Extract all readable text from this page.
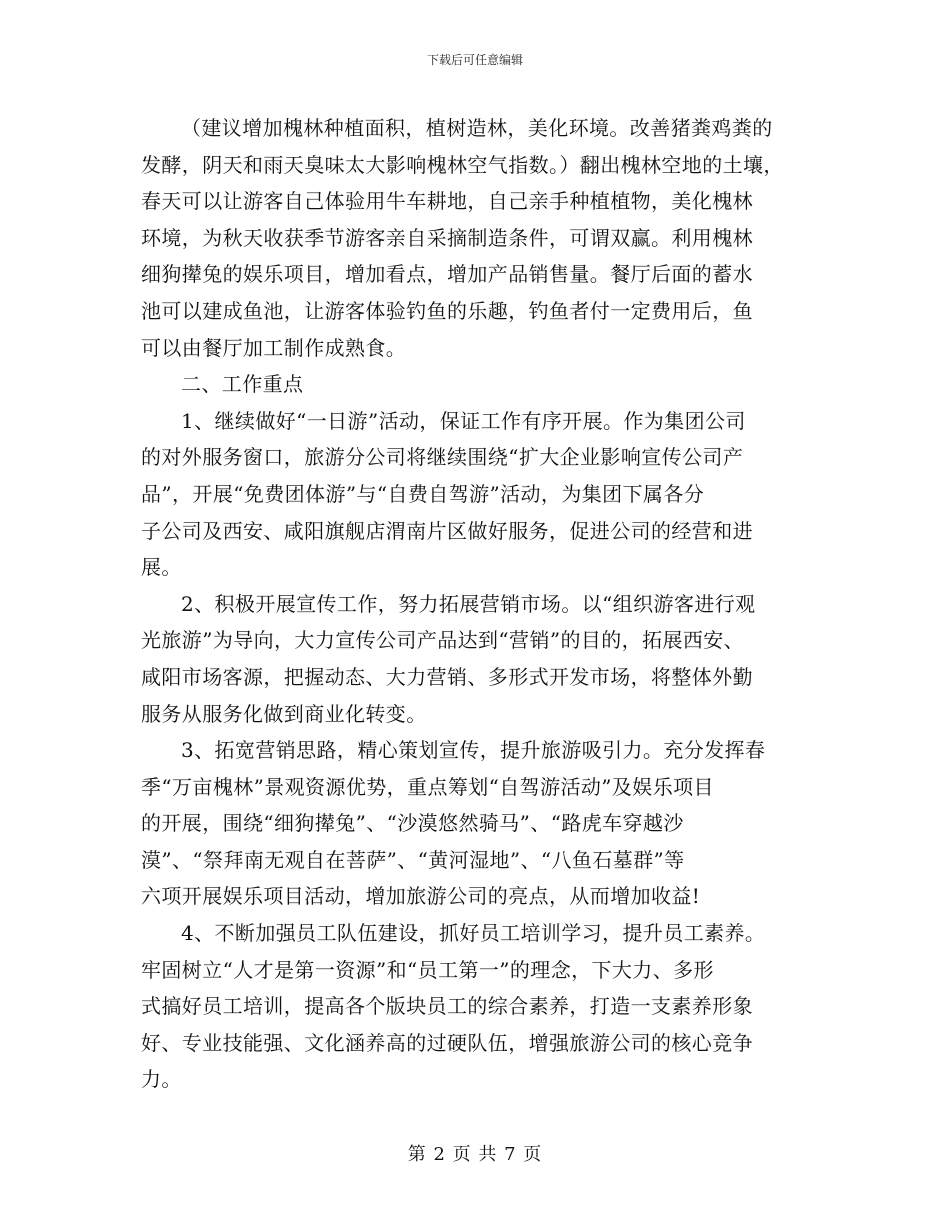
下载后可任意编辑
（建议增加槐林种植面积，植树造林，美化环境。改善猪粪鸡粪的
发酵，阴天和雨天臭味太大影响槐林空气指数。）翻出槐林空地的土壤，
春天可以让游客自己体验用牛车耕地，自己亲手种植植物，美化槐林
环境，为秋天收获季节游客亲自采摘制造条件，可谓双赢。利用槐林
细狗撵兔的娱乐项目，增加看点，增加产品销售量。餐厅后面的蓄水
池可以建成鱼池，让游客体验钓鱼的乐趣，钓鱼者付一定费用后，鱼
可以由餐厅加工制作成熟食。
二、工作重点
1、继续做好“一日游”活动，保证工作有序开展。作为集团公司
的对外服务窗口，旅游分公司将继续围绕“扩大企业影响宣传公司产
品”，开展“免费团体游”与“自费自驾游”活动，为集团下属各分
子公司及西安、咸阳旗舰店渭南片区做好服务，促进公司的经营和进
展。
2、积极开展宣传工作，努力拓展营销市场。以“组织游客进行观
光旅游”为导向，大力宣传公司产品达到“营销”的目的，拓展西安、
咸阳市场客源，把握动态、大力营销、多形式开发市场，将整体外勤
服务从服务化做到商业化转变。
3、拓宽营销思路，精心策划宣传，提升旅游吸引力。充分发挥春
季“万亩槐林”景观资源优势，重点筹划“自驾游活动”及娱乐项目
的开展，围绕“细狗撵兔”、“沙漠悠然骑马”、“路虎车穿越沙
漠”、“祭拜南无观自在菩萨”、“黄河湿地”、“八鱼石墓群”等
六项开展娱乐项目活动，增加旅游公司的亮点，从而增加收益!
4、不断加强员工队伍建设，抓好员工培训学习，提升员工素养。
牢固树立“人才是第一资源”和“员工第一”的理念，下大力、多形
式搞好员工培训，提高各个版块员工的综合素养，打造一支素养形象
好、专业技能强、文化涵养高的过硬队伍，增强旅游公司的核心竞争
力。
第 2 页 共 7 页
